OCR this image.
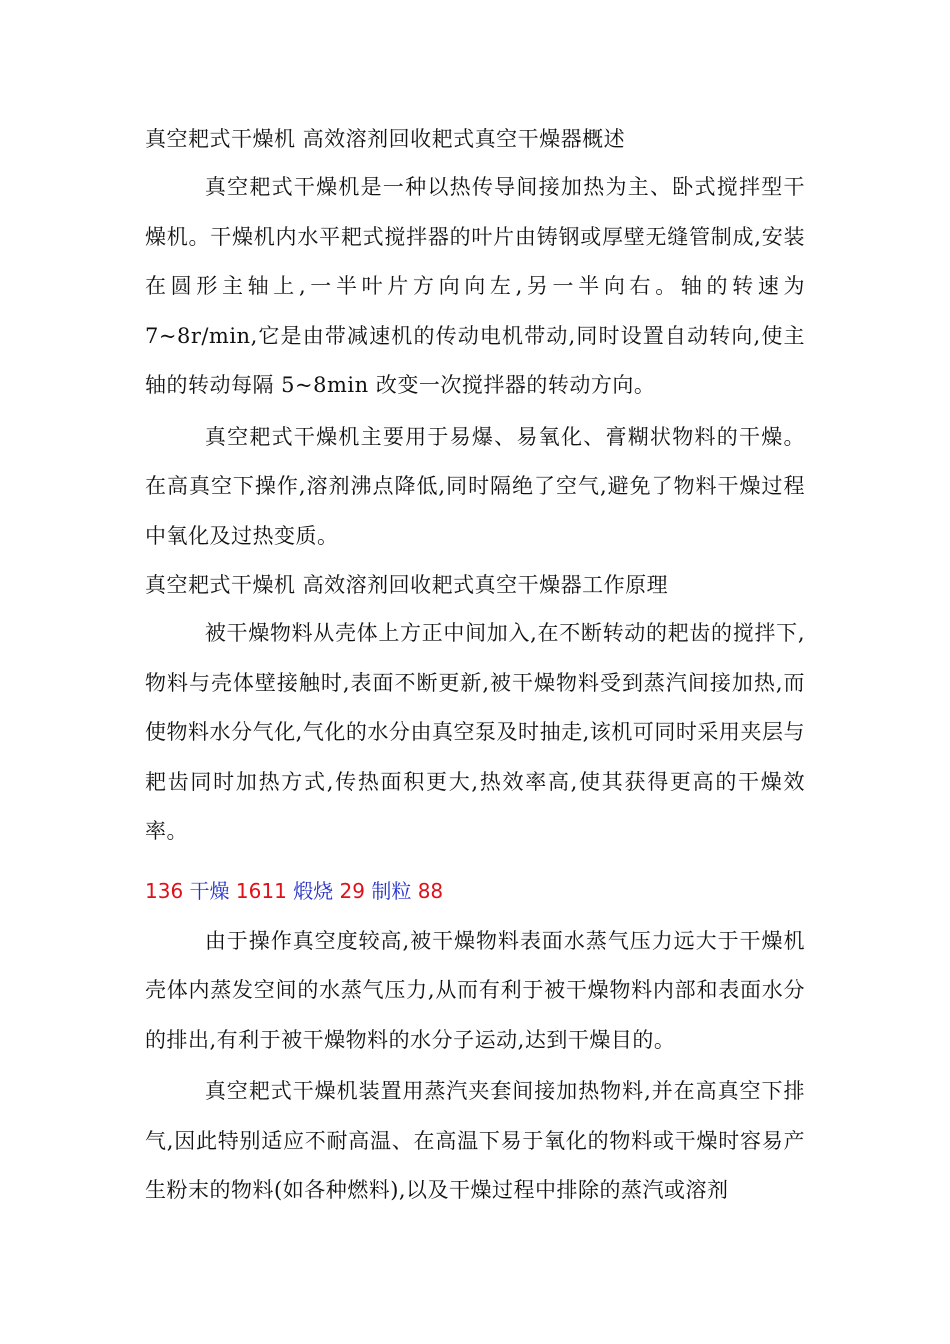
真空耙式干燥机 高效溶剂回收耙式真空干燥器概述

真空耙式干燥机是一种以热传导间接加热为主、卧式搅拌型干燥机。干燥机内水平耙式搅拌器的叶片由铸钢或厚壁无缝管制成,安装在圆形主轴上,一半叶片方向向左,另一半向右。轴的转速为 7~8r/min,它是由带减速机的传动电机带动,同时设置自动转向,使主轴的转动每隔 5~8min 改变一次搅拌器的转动方向。

真空耙式干燥机主要用于易爆、易氧化、膏糊状物料的干燥。在高真空下操作,溶剂沸点降低,同时隔绝了空气,避免了物料干燥过程中氧化及过热变质。

真空耙式干燥机 高效溶剂回收耙式真空干燥器工作原理

被干燥物料从壳体上方正中间加入,在不断转动的耙齿的搅拌下,物料与壳体壁接触时,表面不断更新,被干燥物料受到蒸汽间接加热,而使物料水分气化,气化的水分由真空泵及时抽走,该机可同时采用夹层与耙齿同时加热方式,传热面积更大,热效率高,使其获得更高的干燥效率。

136 干燥 1611 煅烧 29 制粒 88

由于操作真空度较高,被干燥物料表面水蒸气压力远大于干燥机壳体内蒸发空间的水蒸气压力,从而有利于被干燥物料内部和表面水分的排出,有利于被干燥物料的水分子运动,达到干燥目的。

真空耙式干燥机装置用蒸汽夹套间接加热物料,并在高真空下排气,因此特别适应不耐高温、在高温下易于氧化的物料或干燥时容易产生粉末的物料(如各种燃料),以及干燥过程中排除的蒸汽或溶剂
